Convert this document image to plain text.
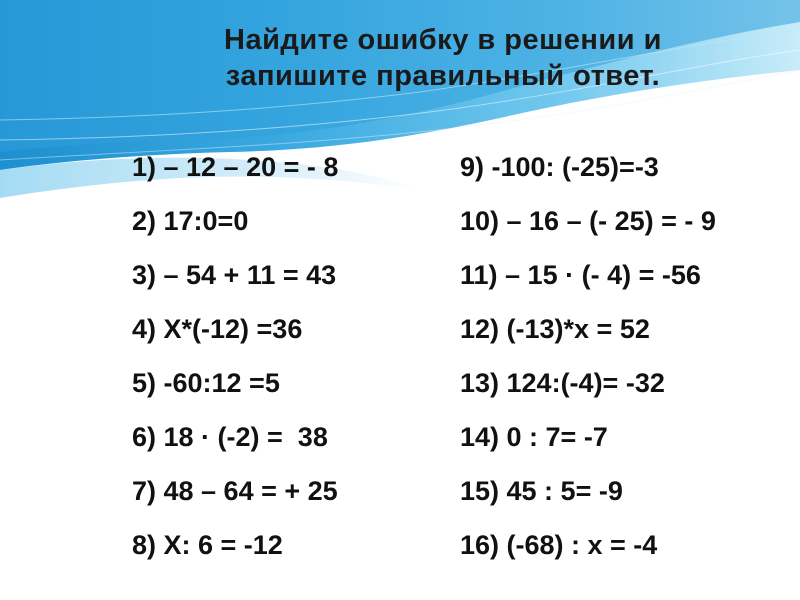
Найдите ошибку в решении и
запишите правильный ответ.
1) – 12 – 20 = - 8
2) 17:0=0
3) – 54 + 11 = 43
4) Х*(-12) =36
5) -60:12 =5
6) 18 · (-2) =  38
7) 48 – 64 = + 25
8) Х: 6 = -12
9) -100: (-25)=-3
10) – 16 – (- 25) = - 9
11) – 15 · (- 4) = -56
12) (-13)*х = 52
13) 124:(-4)= -32
14) 0 : 7= -7
15) 45 : 5= -9
16) (-68) : х = -4
